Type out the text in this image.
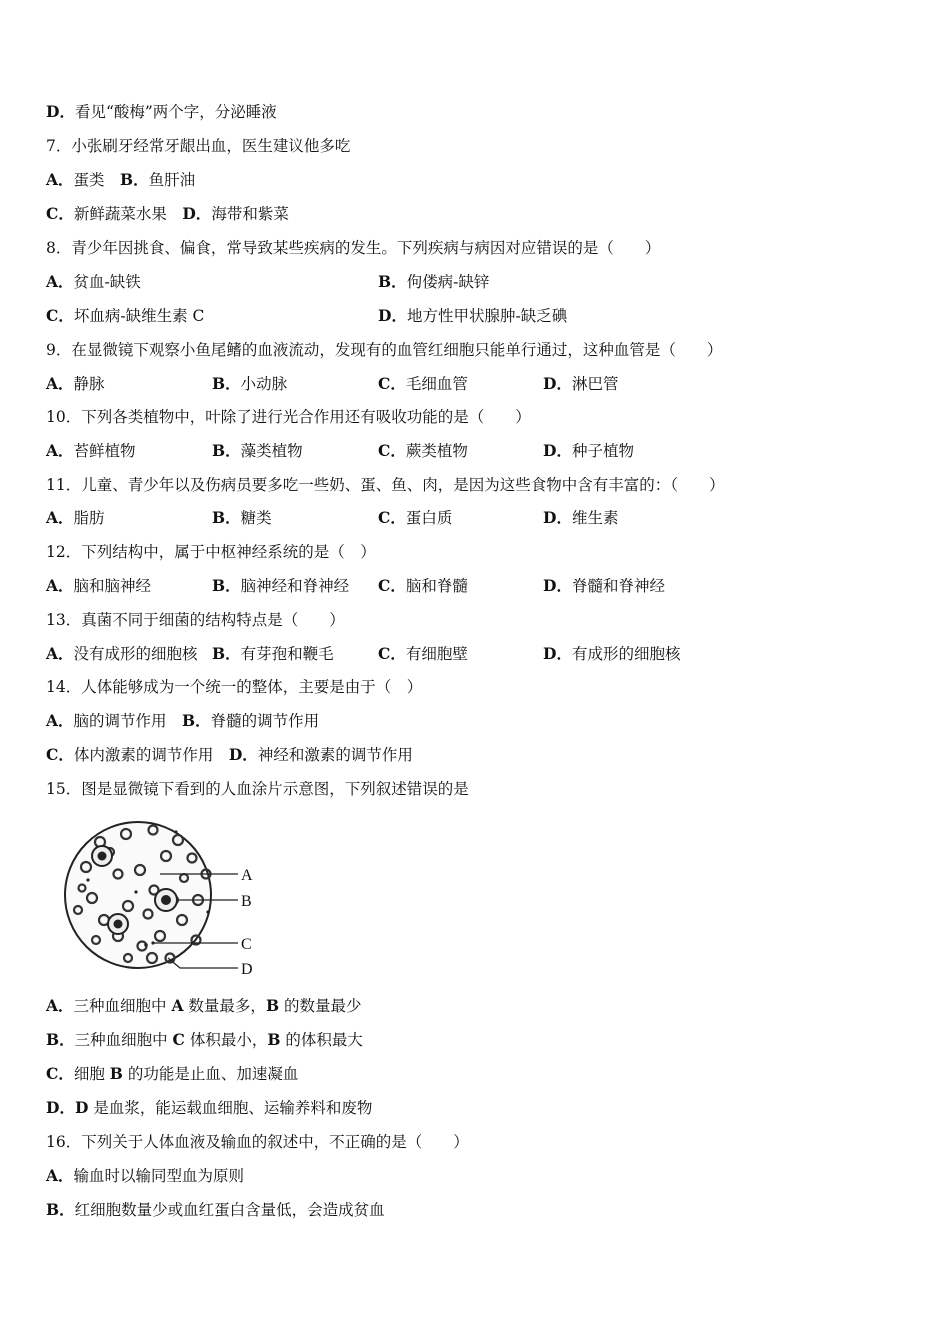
D．看见“酸梅”两个字，分泌睡液
7．小张刷牙经常牙龈出血，医生建议他多吃
A．蛋类　B．鱼肝油
C．新鲜蔬菜水果　D．海带和紫菜
8．青少年因挑食、偏食，常导致某些疾病的发生。下列疾病与病因对应错误的是（　　）
A．贫血-缺铁	B．佝偻病-缺锌
C．坏血病-缺维生素 C	D．地方性甲状腺肿-缺乏碘
9．在显微镜下观察小鱼尾鳍的血液流动，发现有的血管红细胞只能单行通过，这种血管是（　　）
A．静脉	B．小动脉	C．毛细血管	D．淋巴管
10．下列各类植物中，叶除了进行光合作用还有吸收功能的是（　　）
A．苔鲜植物	B．藻类植物	C．蕨类植物	D．种子植物
11．儿童、青少年以及伤病员要多吃一些奶、蛋、鱼、肉，是因为这些食物中含有丰富的：（　　）
A．脂肪	B．糖类	C．蛋白质	D．维生素
12．下列结构中，属于中枢神经系统的是（　）
A．脑和脑神经	B．脑神经和脊神经 C．脑和脊髓	D．脊髓和脊神经
13．真菌不同于细菌的结构特点是（　　）
A．没有成形的细胞核 B．有芽孢和鞭毛	C．有细胞壁	D．有成形的细胞核
14．人体能够成为一个统一的整体，主要是由于（　）
A．脑的调节作用　B．脊髓的调节作用
C．体内激素的调节作用　D．神经和激素的调节作用
15．图是显微镜下看到的人血涂片示意图，下列叙述错误的是
A
B
C
D
A．三种血细胞中 A 数量最多，B 的数量最少
B．三种血细胞中 C 体积最小，B 的体积最大
C．细胞 B 的功能是止血、加速凝血
D．D 是血浆，能运载血细胞、运输养料和废物
16．下列关于人体血液及输血的叙述中，不正确的是（　　）
A．输血时以输同型血为原则
B．红细胞数量少或血红蛋白含量低，会造成贫血
